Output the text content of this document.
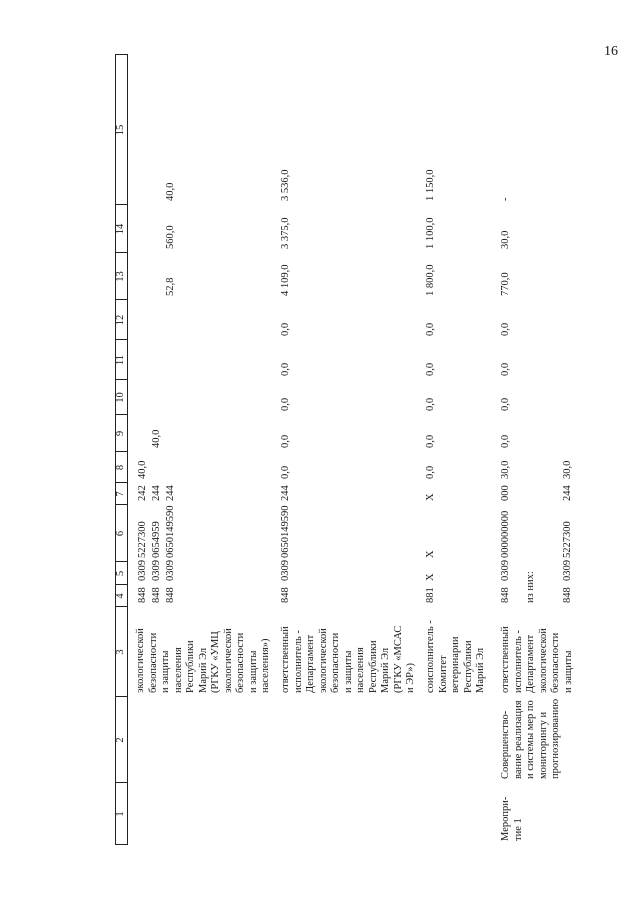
16
1
2
3
4
5
6
7
8
9
10
11
12
13
14
15
экологической безопасности и защиты населения Республики Марий Эл (РГКУ «УМЦ экологической безопасности и защиты населения»)
848
0309
5227300
242
40,0
848
0309
0654959
244
40,0
848
0309
0650149590
244
52,8
560,0
40,0
ответственный исполнитель - Департамент экологической безопасности и защиты населения Республики Марий Эл (РГКУ «МСАС и ЭР»)
848
0309
0650149590
244
0,0
0,0
0,0
0,0
0,0
4 109,0
3 375,0
3 536,0
соисполнитель - Комитет ветеринарии Республики Марий Эл
881
X
X
X
0,0
0,0
0,0
0,0
0,0
1 800,0
1 100,0
1 150,0
Меропри- тие 1
Совершенство- вание реализация и системы мер по мониторингу и прогнозированию
ответственный исполнитель - Департамент экологической безопасности и защиты
848
0309
000000000
000
30,0
0,0
0,0
0,0
0,0
770,0
30,0
-
из них: 848
0309
5227300
244
30,0
